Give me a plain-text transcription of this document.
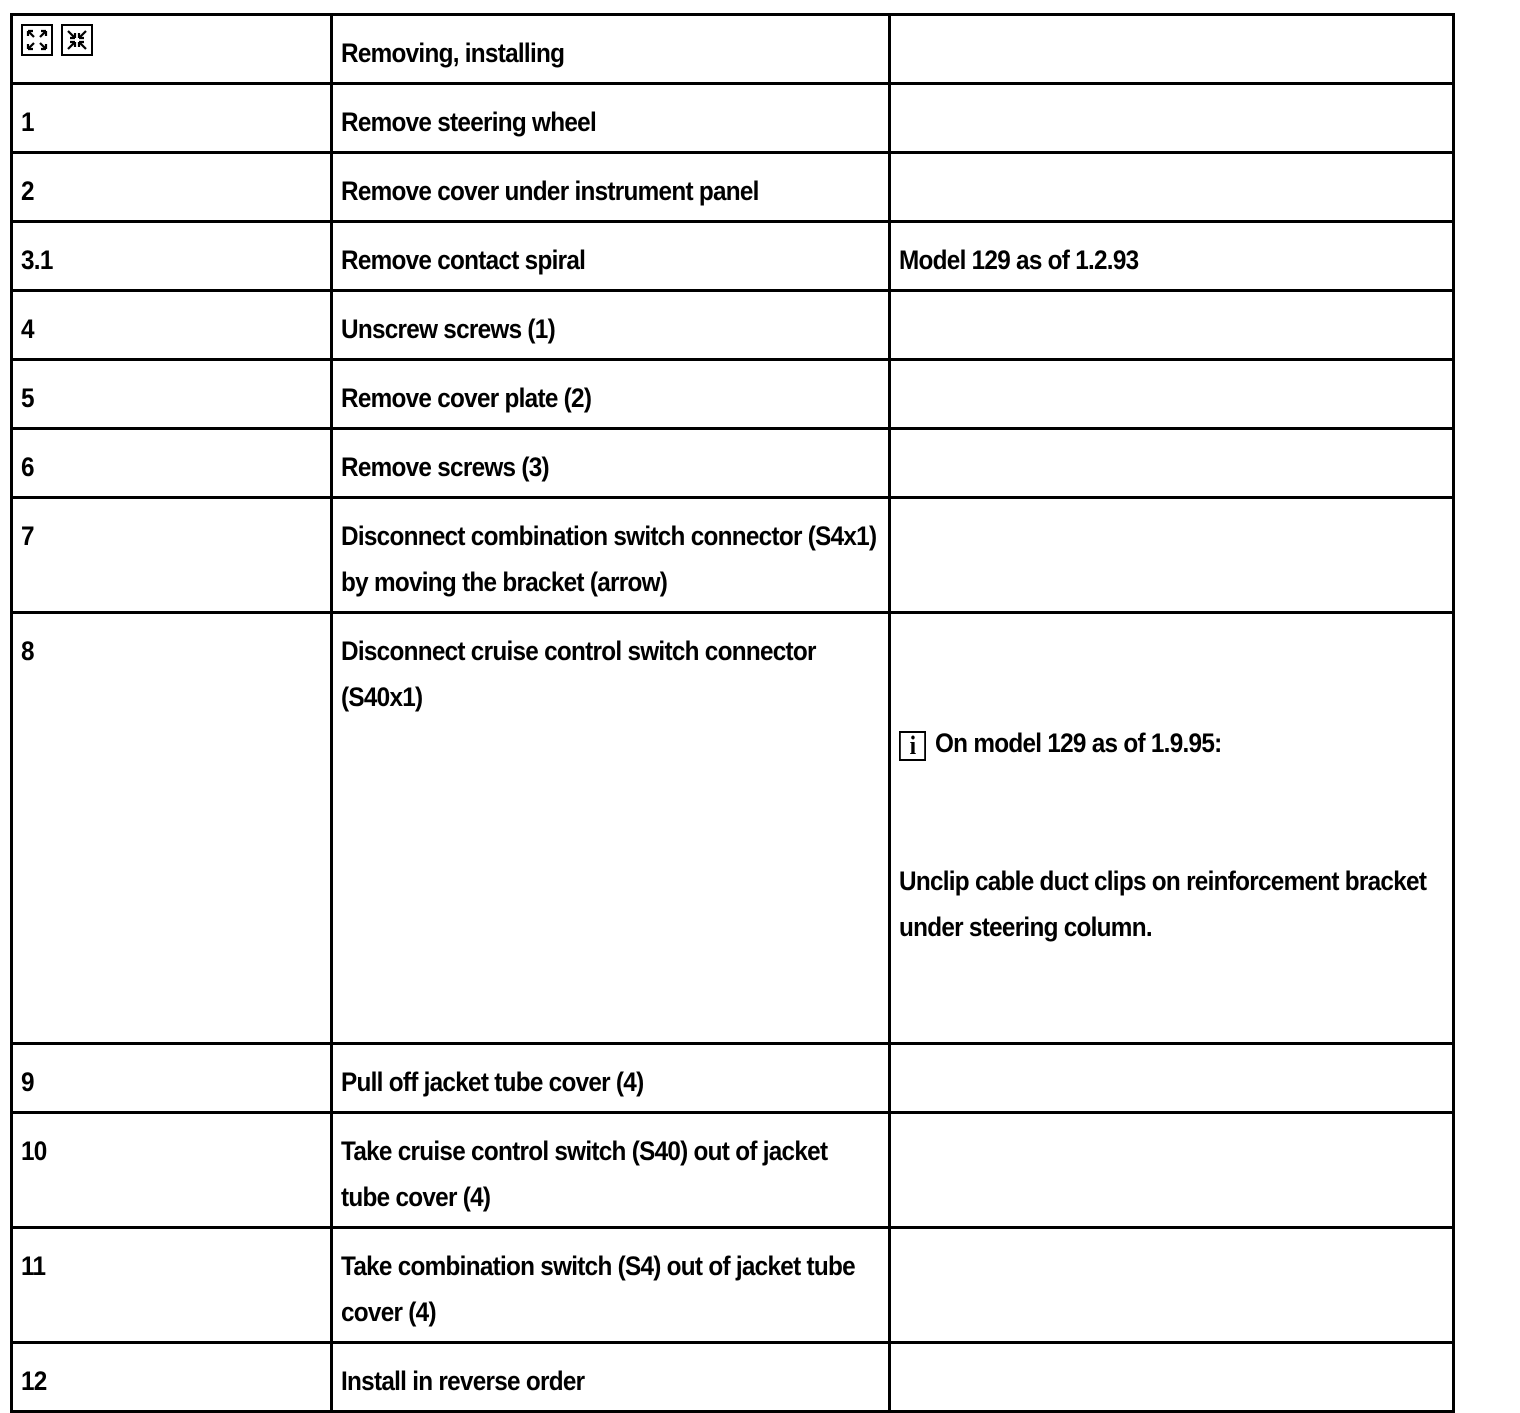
	Removing, installing	
1	Remove steering wheel	
2	Remove cover under instrument panel	
3.1	Remove contact spiral	Model 129 as of 1.2.93
4	Unscrew screws (1)	
5	Remove cover plate (2)	
6	Remove screws (3)	
7	Disconnect combination switch connector (S4x1) by moving the bracket (arrow)	
8	Disconnect cruise control switch connector (S40x1)	i On model 129 as of 1.9.95:

Unclip cable duct clips on reinforcement bracket under steering column.

9	Pull off jacket tube cover (4)	
10	Take cruise control switch (S40) out of jacket tube cover (4)	
11	Take combination switch (S4) out of jacket tube cover (4)	
12	Install in reverse order	
